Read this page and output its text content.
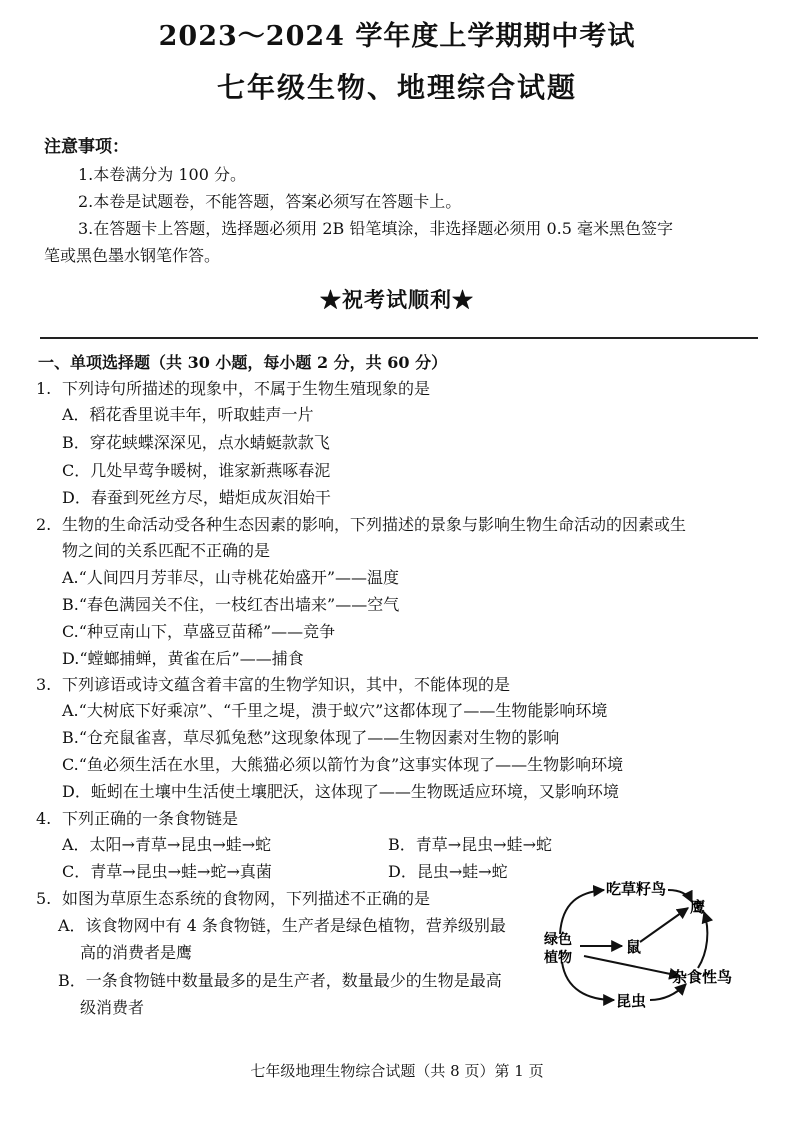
2023～2024 学年度上学期期中考试
七年级生物、地理综合试题
注意事项：
1.本卷满分为 100 分。
2.本卷是试题卷，不能答题，答案必须写在答题卡上。
3.在答题卡上答题，选择题必须用 2B 铅笔填涂，非选择题必须用 0.5 毫米黑色签字
笔或黑色墨水钢笔作答。
★祝考试顺利★
一、单项选择题（共 30 小题，每小题 2 分，共 60 分）
1. 下列诗句所描述的现象中，不属于生物生殖现象的是
A．稻花香里说丰年，听取蛙声一片
B．穿花蛱蝶深深见，点水蜻蜓款款飞
C．几处早莺争暖树，谁家新燕啄春泥
D．春蚕到死丝方尽，蜡炬成灰泪始干
2. 生物的生命活动受各种生态因素的影响，下列描述的景象与影响生物生命活动的因素或生
物之间的关系匹配不正确的是
A.“人间四月芳菲尽，山寺桃花始盛开”——温度
B.“春色满园关不住，一枝红杏出墙来”——空气
C.“种豆南山下，草盛豆苗稀”——竞争
D.“螳螂捕蝉，黄雀在后”——捕食
3. 下列谚语或诗文蕴含着丰富的生物学知识，其中，不能体现的是
A.“大树底下好乘凉”、“千里之堤，溃于蚁穴”这都体现了——生物能影响环境
B.“仓充鼠雀喜，草尽狐兔愁”这现象体现了——生物因素对生物的影响
C.“鱼必须生活在水里，大熊猫必须以箭竹为食”这事实体现了——生物影响环境
D．蚯蚓在土壤中生活使土壤肥沃，这体现了——生物既适应环境，又影响环境
4. 下列正确的一条食物链是
A．太阳→青草→昆虫→蛙→蛇	B．青草→昆虫→蛙→蛇
C．青草→昆虫→蛙→蛇→真菌	D．昆虫→蛙→蛇
5. 如图为草原生态系统的食物网，下列描述不正确的是
A．该食物网中有 4 条食物链，生产者是绿色植物，营养级别最
高的消费者是鹰
B．一条食物链中数量最多的是生产者，数量最少的生物是最高
级消费者
吃草籽鸟
鹰
绿色
植物
鼠
杂食性鸟
昆虫
七年级地理生物综合试题（共 8 页）第 1 页
